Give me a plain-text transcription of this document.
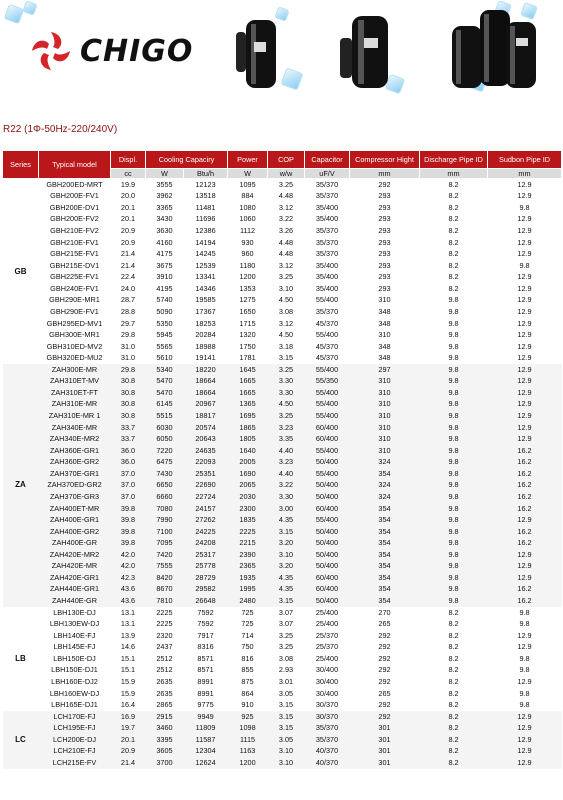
CHIGO
R22 (1Φ-50Hz-220/240V)
Series	Typical model	Displ.	Cooling Capaciry		Power	COP	Capacitor	Compressor Hight	Discharge Pipe ID	Sudbon Pipe ID
		cc	W	Btu/h	W	w/w	uF/V	mm	mm	mm
GB	GBH200ED-MRT	19.9	3555	12123	1095	3.25	35/370	292	8.2	12.9
	GBH200E-FV1	20.0	3962	13518	884	4.48	35/370	293	8.2	12.9
	GBH200E-DV1	20.1	3365	11481	1080	3.12	35/400	293	8.2	9.8
	GBH200E-FV2	20.1	3430	11696	1060	3.22	35/400	293	8.2	12.9
	GBH210E-FV2	20.9	3630	12386	1112	3.26	35/370	293	8.2	12.9
	GBH210E-FV1	20.9	4160	14194	930	4.48	35/370	293	8.2	12.9
	GBH215E-FV1	21.4	4175	14245	960	4.48	35/370	293	8.2	12.9
	GBH215E-DV1	21.4	3675	12539	1180	3.12	35/400	293	8.2	9.8
	GBH225E-FV1	22.4	3910	13341	1200	3.25	35/400	293	8.2	12.9
	GBH240E-FV1	24.0	4195	14346	1353	3.10	35/400	293	8.2	12.9
	GBH290E-MR1	28.7	5740	19585	1275	4.50	55/400	310	9.8	12.9
	GBH290E-FV1	28.8	5090	17367	1650	3.08	35/370	348	9.8	12.9
	GBH295ED-MV1	29.7	5350	18253	1715	3.12	45/370	348	9.8	12.9
	GBH300E-MR1	29.8	5945	20284	1320	4.50	55/400	310	9.8	12.9
	GBH310ED-MV2	31.0	5565	18988	1750	3.18	45/370	348	9.8	12.9
	GBH320ED-MU2	31.0	5610	19141	1781	3.15	45/370	348	9.8	12.9
ZA	ZAH300E-MR	29.8	5340	18220	1645	3.25	55/400	297	9.8	12.9
	ZAH310ET-MV	30.8	5470	18664	1665	3.30	55/350	310	9.8	12.9
	ZAH310ET-FT	30.8	5470	18664	1665	3.30	55/400	310	9.8	12.9
	ZAH310E-MR	30.8	6145	20967	1365	4.50	55/400	310	9.8	12.9
	ZAH310E-MR 1	30.8	5515	18817	1695	3.25	55/400	310	9.8	12.9
	ZAH340E-MR	33.7	6030	20574	1865	3.23	60/400	310	9.8	12.9
	ZAH340E-MR2	33.7	6050	20643	1805	3.35	60/400	310	9.8	12.9
	ZAH360E-GR1	36.0	7220	24635	1640	4.40	55/400	310	9.8	16.2
	ZAH360E-GR2	36.0	6475	22093	2005	3.23	50/400	324	9.8	16.2
	ZAH370E-GR1	37.0	7430	25351	1690	4.40	55/400	354	9.8	16.2
	ZAH370ED-GR2	37.0	6650	22690	2065	3.22	50/400	324	9.8	16.2
	ZAH370E-GR3	37.0	6660	22724	2030	3.30	50/400	324	9.8	16.2
	ZAH400ET-MR	39.8	7080	24157	2300	3.00	60/400	354	9.8	16.2
	ZAH400E-GR1	39.8	7990	27262	1835	4.35	55/400	354	9.8	12.9
	ZAH400E-GR2	39.8	7100	24225	2225	3.15	50/400	354	9.8	16.2
	ZAH400E-GR	39.8	7095	24208	2215	3.20	50/400	354	9.8	16.2
	ZAH420E-MR2	42.0	7420	25317	2390	3.10	50/400	354	9.8	12.9
	ZAH420E-MR	42.0	7555	25778	2365	3.20	50/400	354	9.8	12.9
	ZAH420E-GR1	42.3	8420	28729	1935	4.35	60/400	354	9.8	12.9
	ZAH440E-GR1	43.6	8670	29582	1995	4.35	60/400	354	9.8	16.2
	ZAH440E-GR	43.6	7810	26648	2480	3.15	50/400	354	9.8	16.2
LB	LBH130E-DJ	13.1	2225	7592	725	3.07	25/400	270	8.2	9.8
	LBH130EW-DJ	13.1	2225	7592	725	3.07	25/400	265	8.2	9.8
	LBH140E-FJ	13.9	2320	7917	714	3.25	25/370	292	8.2	12.9
	LBH145E-FJ	14.6	2437	8316	750	3.25	25/370	292	8.2	12.9
	LBH150E-DJ	15.1	2512	8571	816	3.08	25/400	292	8.2	9.8
	LBH150E-DJ1	15.1	2512	8571	855	2.93	30/400	292	8.2	9.8
	LBH160E-DJ2	15.9	2635	8991	875	3.01	30/400	292	8.2	12.9
	LBH160EW-DJ	15.9	2635	8991	864	3.05	30/400	265	8.2	9.8
	LBH165E-DJ1	16.4	2865	9775	910	3.15	30/370	292	8.2	9.8
LC	LCH170E-FJ	16.9	2915	9949	925	3.15	30/370	292	8.2	12.9
	LCH195E-FJ	19.7	3460	11809	1098	3.15	35/370	301	8.2	12.9
	LCH200E-DJ	20.1	3395	11587	1115	3.05	35/370	301	8.2	12.9
	LCH210E-FJ	20.9	3605	12304	1163	3.10	40/370	301	8.2	12.9
	LCH215E-FV	21.4	3700	12624	1200	3.10	40/370	301	8.2	12.9
